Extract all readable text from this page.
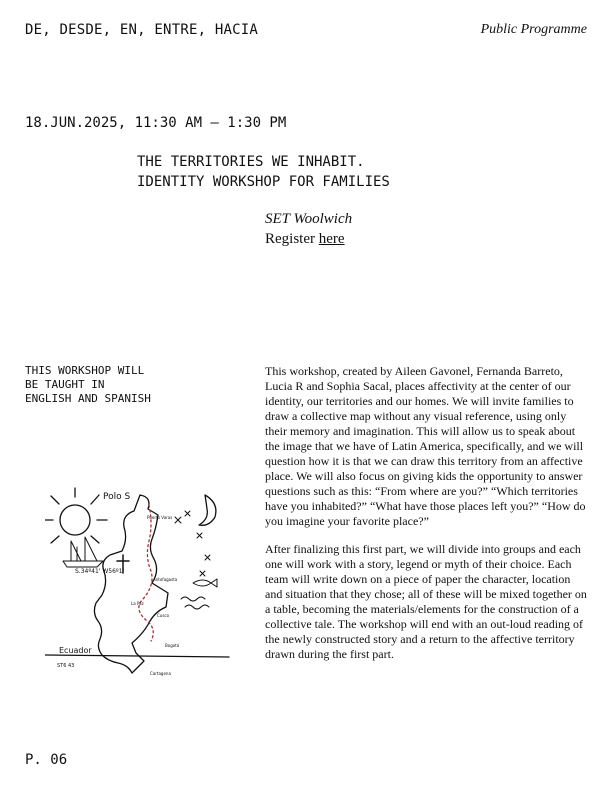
DE, DESDE, EN, ENTRE, HACIA	Public Programme
18.JUN.2025, 11:30 AM – 1:30 PM
THE TERRITORIES WE INHABIT.
IDENTITY WORKSHOP FOR FAMILIES
SET Woolwich
Register here
THIS WORKSHOP WILL
BE TAUGHT IN
ENGLISH AND SPANISH

This workshop, created by Aileen Gavonel, Fernanda Barreto, Lucia R and Sophia Sacal, places affectivity at the center of our identity, our territories and our homes. We will invite families to draw a collective map without any visual reference, using only their memory and imagination. This will allow us to speak about the image that we have of Latin America, specifically, and we will question how it is that we can draw this territory from an affective place. We will also focus on giving kids the opportunity to answer questions such as this: “From where are you?” “Which territories have you inhabited?” “What have those places left you?” “How do you imagine your favorite place?”

After finalizing this first part, we will divide into groups and each one will work with a story, legend or myth of their choice. Each team will write down on a piece of paper the character, location and situation that they chose; all of these will be mixed together on a table, becoming the materials/elements for the construction of a collective tale. The workshop will end with an out-loud reading of the newly constructed story and a return to the affective territory drawn during the first part.

Polo S
S.34º41' W56º1'
Puerto Varas
Antofagasta
La Paz
Cusco
Bogotá
Ecuador
Cartagena
ST6 43
P. 06
